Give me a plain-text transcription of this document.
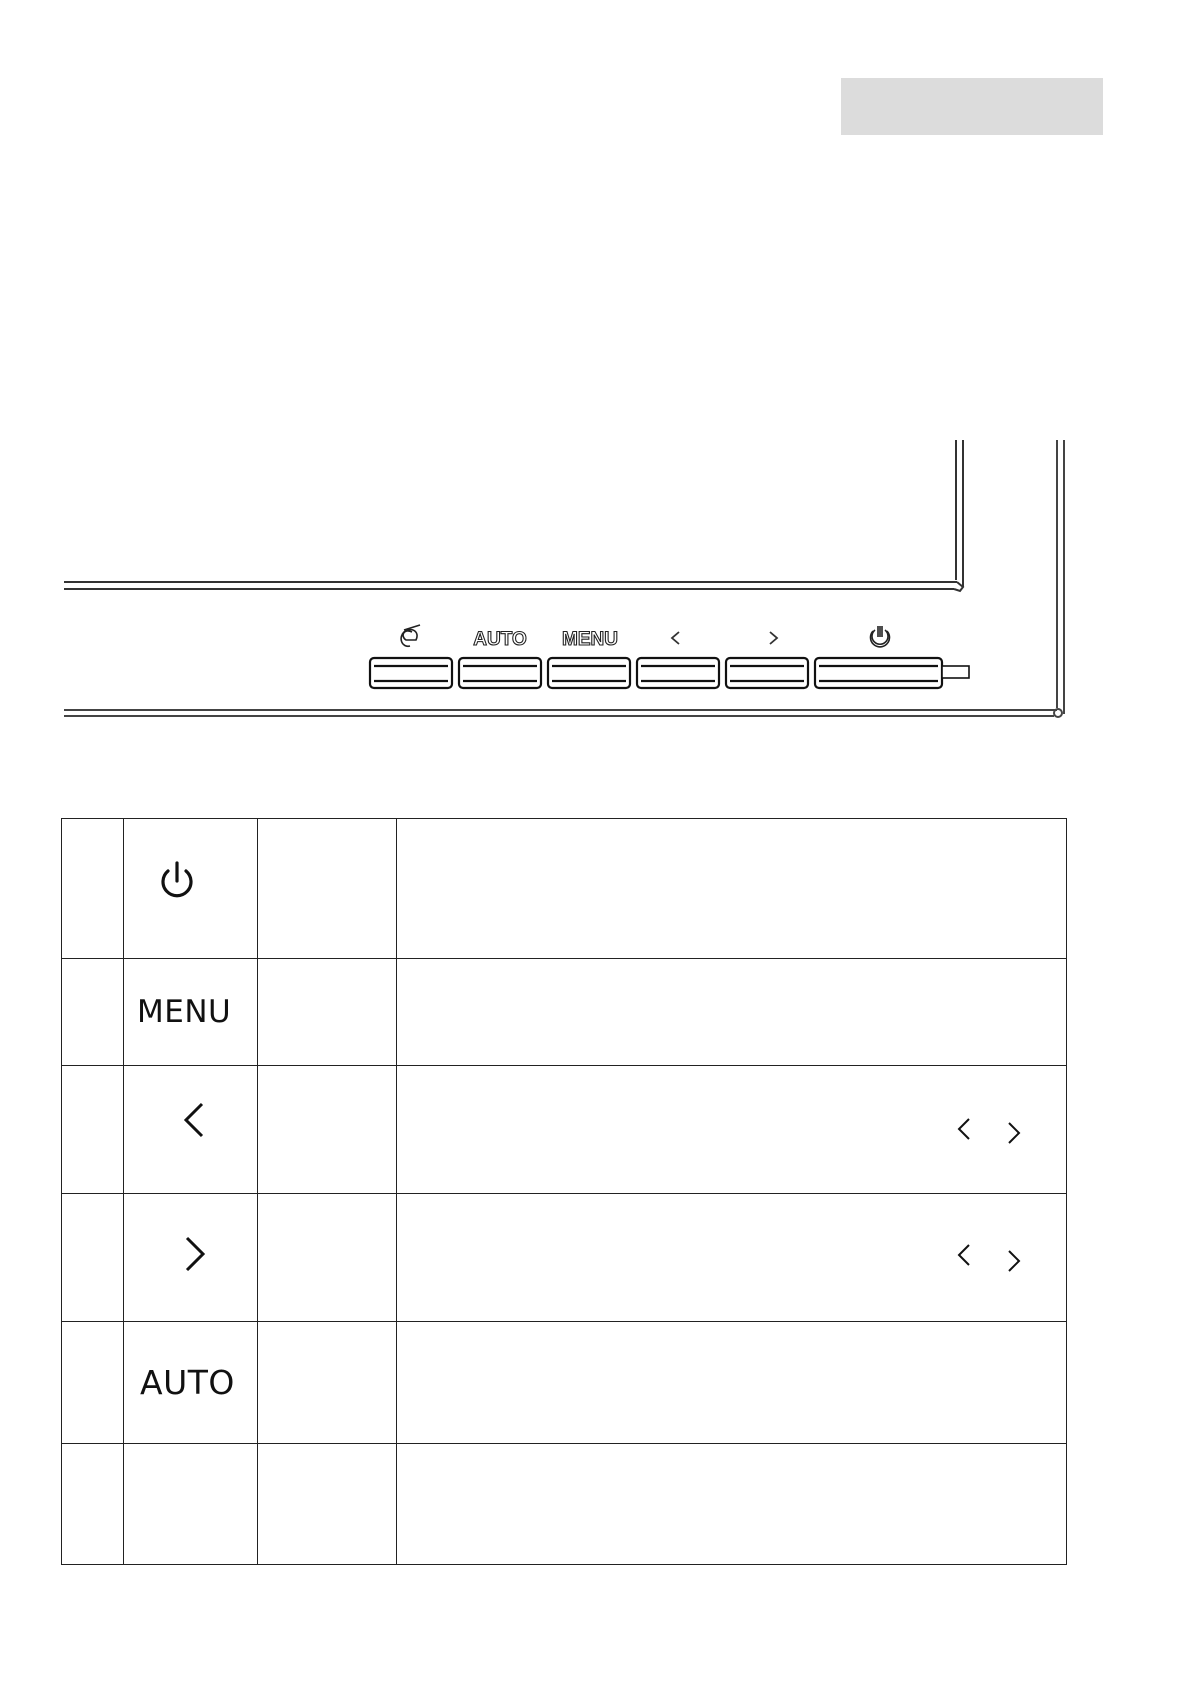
AUTO MENU

	MENU		

	AUTO		
